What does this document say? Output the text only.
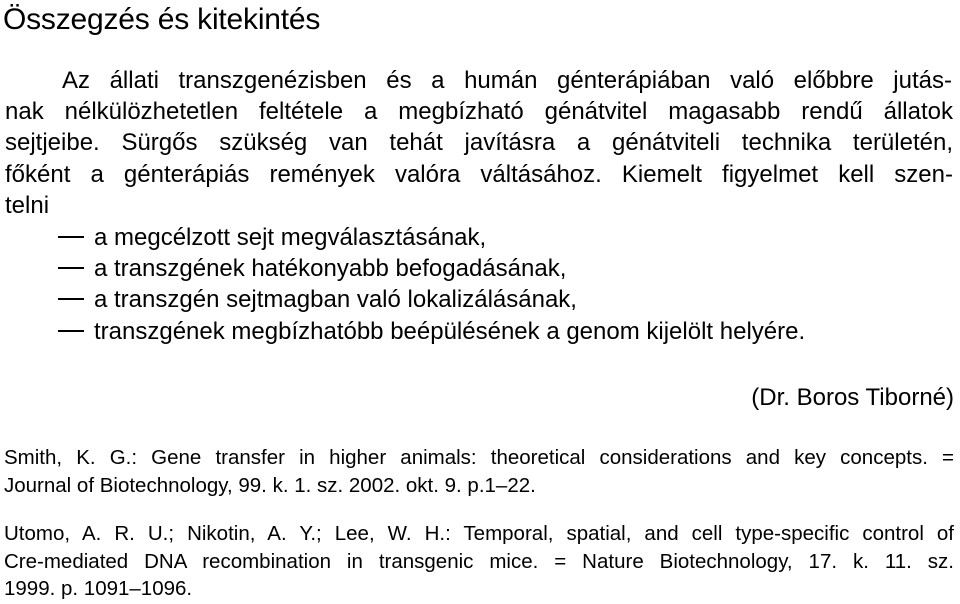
Összegzés és kitekintés
Az állati transzgenézisben és a humán génterápiában való előbbre jutás-
nak nélkülözhetetlen feltétele a megbízható génátvitel magasabb rendű állatok
sejtjeibe. Sürgős szükség van tehát javításra a génátviteli technika területén,
főként a génterápiás remények valóra váltásához. Kiemelt figyelmet kell szen-
telni
a megcélzott sejt megválasztásának,
a transzgének hatékonyabb befogadásának,
a transzgén sejtmagban való lokalizálásának,
transzgének megbízhatóbb beépülésének a genom kijelölt helyére.
(Dr. Boros Tiborné)
Smith, K. G.: Gene transfer in higher animals: theoretical considerations and key concepts. =
Journal of Biotechnology, 99. k. 1. sz. 2002. okt. 9. p.1–22.
Utomo, A. R. U.; Nikotin, A. Y.; Lee, W. H.: Temporal, spatial, and cell type-specific control of
Cre-mediated DNA recombination in transgenic mice. = Nature Biotechnology, 17. k. 11. sz.
1999. p. 1091–1096.
